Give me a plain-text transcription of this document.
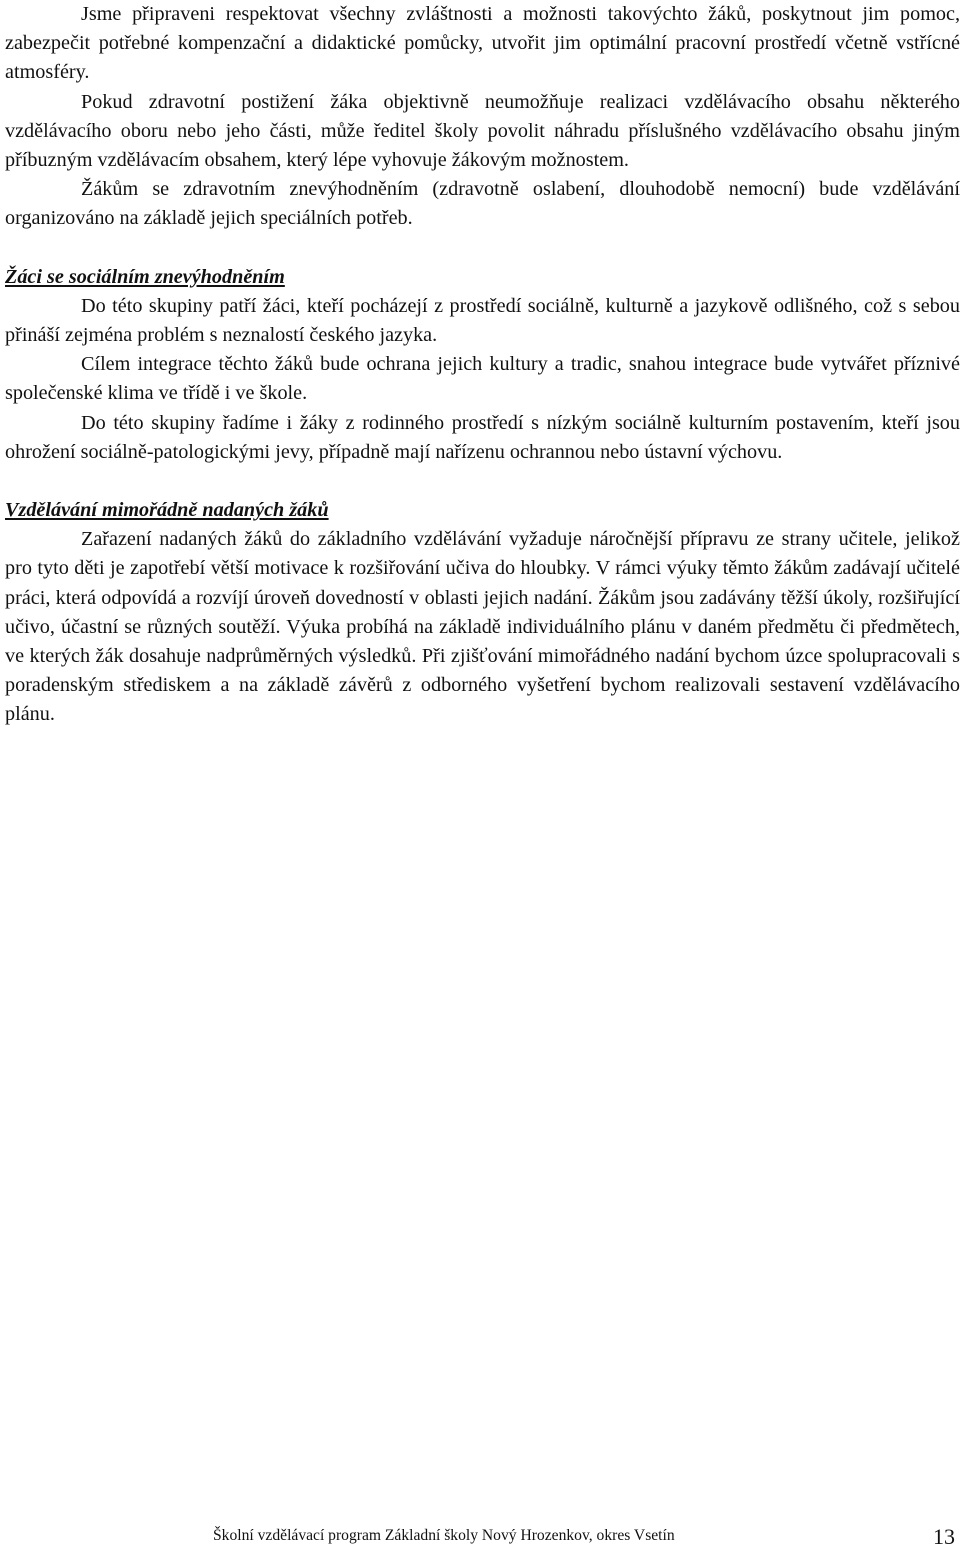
Jsme připraveni respektovat všechny zvláštnosti a možnosti takovýchto žáků, poskytnout jim pomoc, zabezpečit potřebné kompenzační a didaktické pomůcky, utvořit jim optimální pracovní prostředí včetně vstřícné atmosféry.

Pokud zdravotní postižení žáka objektivně neumožňuje realizaci vzdělávacího obsahu některého vzdělávacího oboru nebo jeho části, může ředitel školy povolit náhradu příslušného vzdělávacího obsahu jiným příbuzným vzdělávacím obsahem, který lépe vyhovuje žákovým možnostem.

Žákům se zdravotním znevýhodněním (zdravotně oslabení, dlouhodobě nemocní) bude vzdělávání organizováno na základě jejich speciálních potřeb.

Žáci se sociálním znevýhodněním

Do této skupiny patří žáci, kteří pocházejí z prostředí sociálně, kulturně a jazykově odlišného, což s sebou přináší zejména problém s neznalostí českého jazyka.

Cílem integrace těchto žáků bude ochrana jejich kultury a tradic, snahou integrace bude vytvářet příznivé společenské klima ve třídě i ve škole.

Do této skupiny řadíme i žáky z rodinného prostředí s nízkým sociálně kulturním postavením, kteří jsou ohrožení sociálně-patologickými jevy, případně mají nařízenu ochrannou nebo ústavní výchovu.

Vzdělávání mimořádně nadaných žáků

Zařazení nadaných žáků do základního vzdělávání vyžaduje náročnější přípravu ze strany učitele, jelikož pro tyto děti je zapotřebí větší motivace k rozšiřování učiva do hloubky. V rámci výuky těmto žákům zadávají učitelé práci, která odpovídá a rozvíjí úroveň dovedností v oblasti jejich nadání. Žákům jsou zadávány těžší úkoly, rozšiřující učivo, účastní se různých soutěží. Výuka probíhá na základě individuálního plánu v daném předmětu či předmětech, ve kterých žák dosahuje nadprůměrných výsledků. Při zjišťování mimořádného nadání bychom úzce spolupracovali s poradenským střediskem a na základě závěrů z odborného vyšetření bychom realizovali sestavení vzdělávacího plánu.

Školní vzdělávací program Základní školy Nový Hrozenkov, okres Vsetín	13
